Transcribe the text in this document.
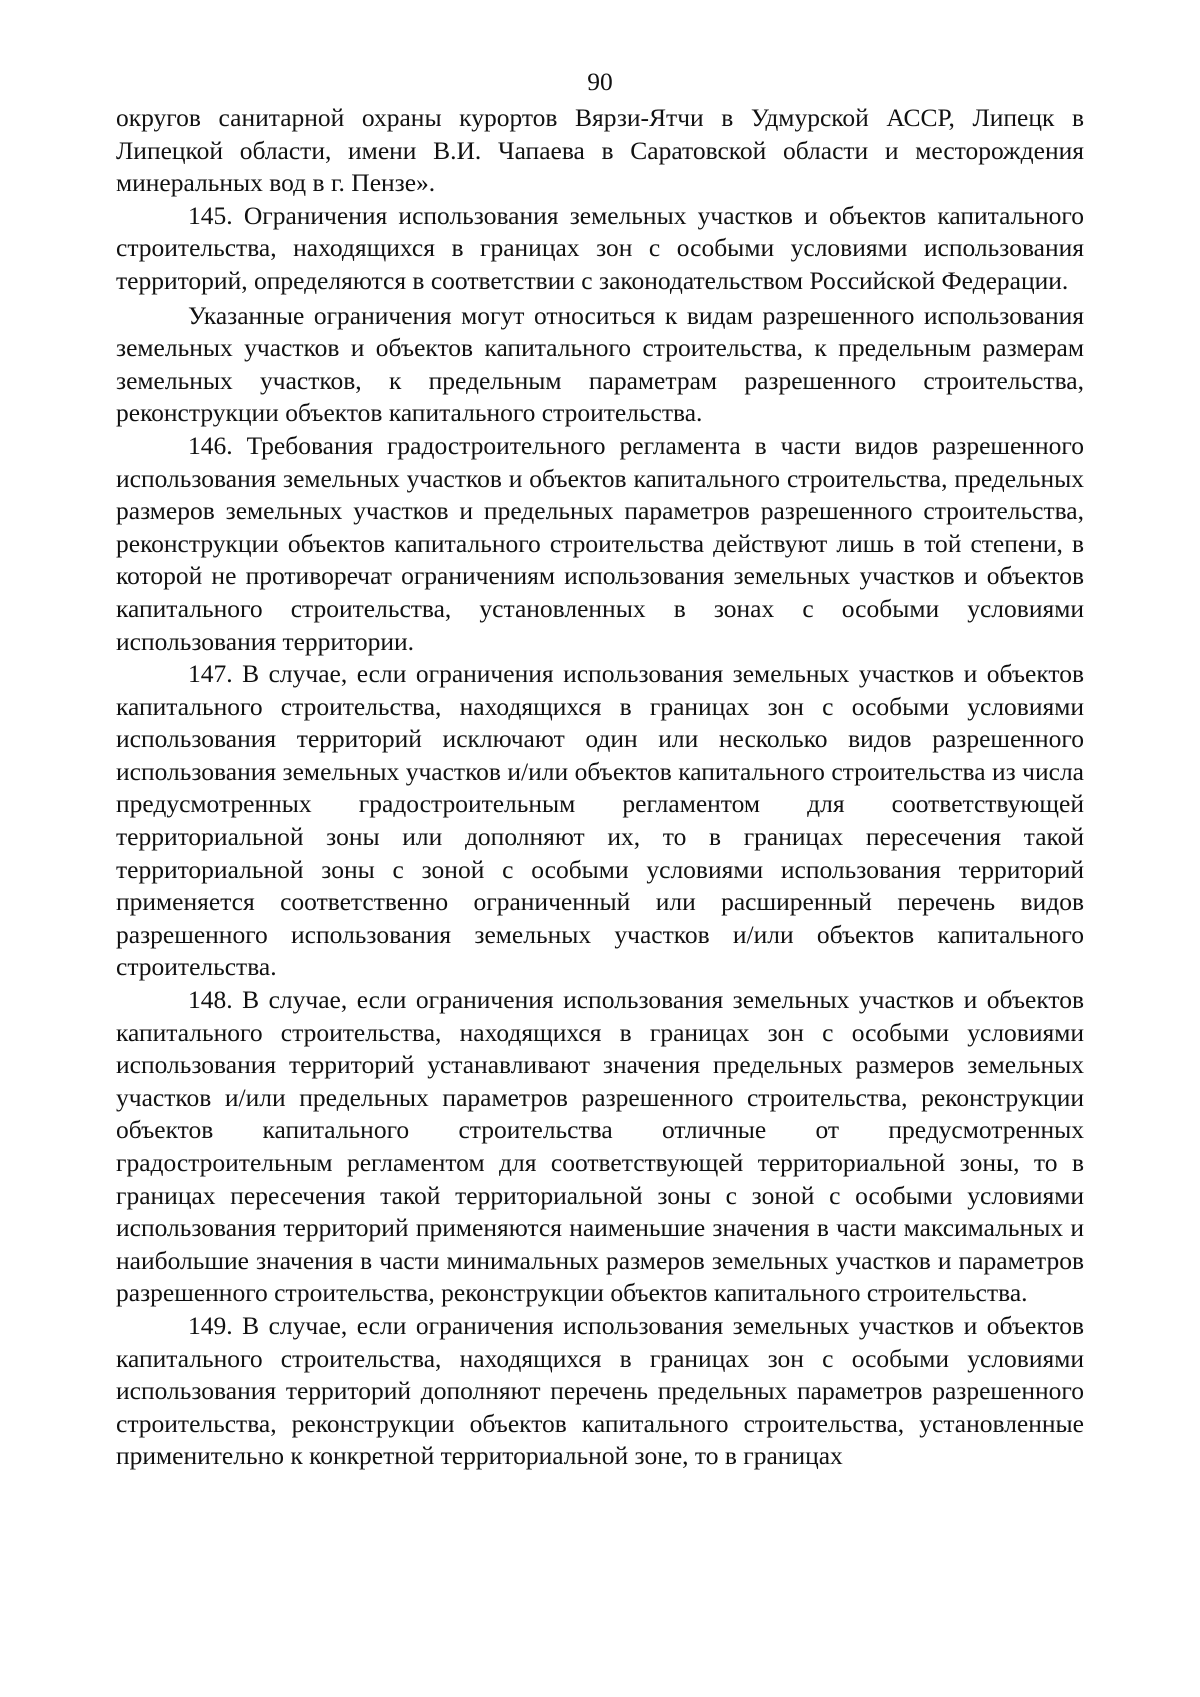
90

округов санитарной охраны курортов Вярзи-Ятчи в Удмурской АССР, Липецк в Липецкой области, имени В.И. Чапаева в Саратовской области и месторождения минеральных вод в г. Пензе».

145. Ограничения использования земельных участков и объектов капитального строительства, находящихся в границах зон с особыми условиями использования территорий, определяются в соответствии с законодательством Российской Федерации.

Указанные ограничения могут относиться к видам разрешенного использования земельных участков и объектов капитального строительства, к предельным размерам земельных участков, к предельным параметрам разрешенного строительства, реконструкции объектов капитального строительства.

146. Требования градостроительного регламента в части видов разрешенного использования земельных участков и объектов капитального строительства, предельных размеров земельных участков и предельных параметров разрешенного строительства, реконструкции объектов капитального строительства действуют лишь в той степени, в которой не противоречат ограничениям использования земельных участков и объектов капитального строительства, установленных в зонах с особыми условиями использования территории.

147. В случае, если ограничения использования земельных участков и объектов капитального строительства, находящихся в границах зон с особыми условиями использования территорий исключают один или несколько видов разрешенного использования земельных участков и/или объектов капитального строительства из числа предусмотренных градостроительным регламентом для соответствующей территориальной зоны или дополняют их, то в границах пересечения такой территориальной зоны с зоной с особыми условиями использования территорий применяется соответственно ограниченный или расширенный перечень видов разрешенного использования земельных участков и/или объектов капитального строительства.

148. В случае, если ограничения использования земельных участков и объектов капитального строительства, находящихся в границах зон с особыми условиями использования территорий устанавливают значения предельных размеров земельных участков и/или предельных параметров разрешенного строительства, реконструкции объектов капитального строительства отличные от предусмотренных градостроительным регламентом для соответствующей территориальной зоны, то в границах пересечения такой территориальной зоны с зоной с особыми условиями использования территорий применяются наименьшие значения в части максимальных и наибольшие значения в части минимальных размеров земельных участков и параметров разрешенного строительства, реконструкции объектов капитального строительства.

149. В случае, если ограничения использования земельных участков и объектов капитального строительства, находящихся в границах зон с особыми условиями использования территорий дополняют перечень предельных параметров разрешенного строительства, реконструкции объектов капитального строительства, установленные применительно к конкретной территориальной зоне, то в границах
